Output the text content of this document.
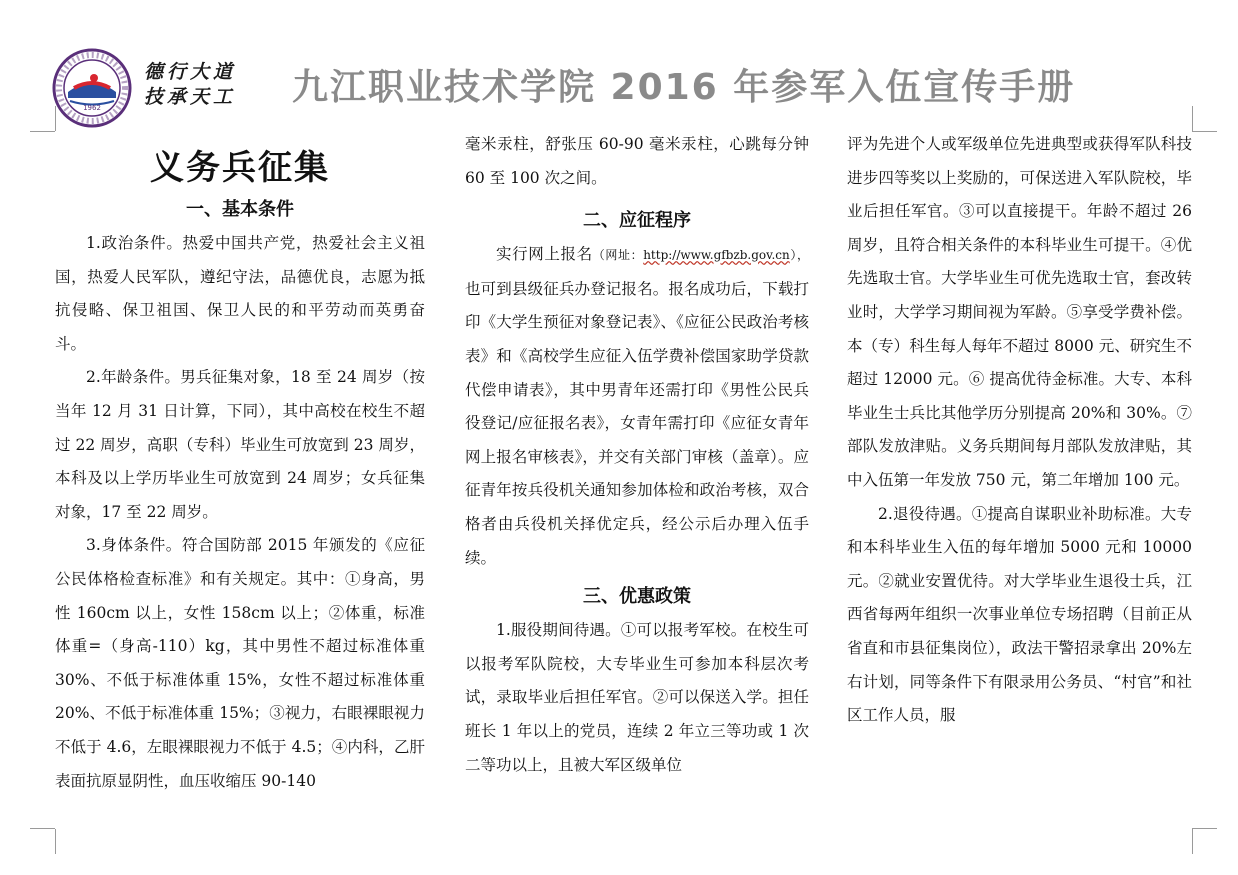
1962
德行大道
技承天工	九江职业技术学院 2016 年参军入伍宣传手册
义务兵征集
一、基本条件

1.政治条件。热爱中国共产党，热爱社会主义祖国，热爱人民军队，遵纪守法，品德优良，志愿为抵抗侵略、保卫祖国、保卫人民的和平劳动而英勇奋斗。

2.年龄条件。男兵征集对象，18 至 24 周岁（按当年 12 月 31 日计算，下同），其中高校在校生不超过 22 周岁，高职（专科）毕业生可放宽到 23 周岁，本科及以上学历毕业生可放宽到 24 周岁；女兵征集对象，17 至 22 周岁。

3.身体条件。符合国防部 2015 年颁发的《应征公民体格检查标准》和有关规定。其中：①身高，男性 160cm 以上，女性 158cm 以上；②体重，标准体重=（身高-110）kg，其中男性不超过标准体重 30%、不低于标准体重 15%，女性不超过标准体重 20%、不低于标准体重 15%；③视力，右眼裸眼视力不低于 4.6，左眼裸眼视力不低于 4.5；④内科，乙肝表面抗原显阴性，血压收缩压 90-140

毫米汞柱，舒张压 60-90 毫米汞柱，心跳每分钟 60 至 100 次之间。

二、应征程序

实行网上报名（网址：http://www.gfbzb.gov.cn），也可到县级征兵办登记报名。报名成功后，下载打印《大学生预征对象登记表》、《应征公民政治考核表》和《高校学生应征入伍学费补偿国家助学贷款代偿申请表》，其中男青年还需打印《男性公民兵役登记/应征报名表》，女青年需打印《应征女青年网上报名审核表》，并交有关部门审核（盖章）。应征青年按兵役机关通知参加体检和政治考核，双合格者由兵役机关择优定兵，经公示后办理入伍手续。

三、优惠政策

1.服役期间待遇。①可以报考军校。在校生可以报考军队院校，大专毕业生可参加本科层次考试，录取毕业后担任军官。②可以保送入学。担任班长 1 年以上的党员，连续 2 年立三等功或 1 次二等功以上，且被大军区级单位

评为先进个人或军级单位先进典型或获得军队科技进步四等奖以上奖励的，可保送进入军队院校，毕业后担任军官。③可以直接提干。年龄不超过 26 周岁，且符合相关条件的本科毕业生可提干。④优先选取士官。大学毕业生可优先选取士官，套改转业时，大学学习期间视为军龄。⑤享受学费补偿。本（专）科生每人每年不超过 8000 元、研究生不超过 12000 元。⑥ 提高优待金标准。大专、本科毕业生士兵比其他学历分别提高 20%和 30%。⑦部队发放津贴。义务兵期间每月部队发放津贴，其中入伍第一年发放 750 元，第二年增加 100 元。

2.退役待遇。①提高自谋职业补助标准。大专和本科毕业生入伍的每年增加 5000 元和 10000 元。②就业安置优待。对大学毕业生退役士兵，江西省每两年组织一次事业单位专场招聘（目前正从省直和市县征集岗位），政法干警招录拿出 20%左右计划，同等条件下有限录用公务员、“村官”和社区工作人员，服
